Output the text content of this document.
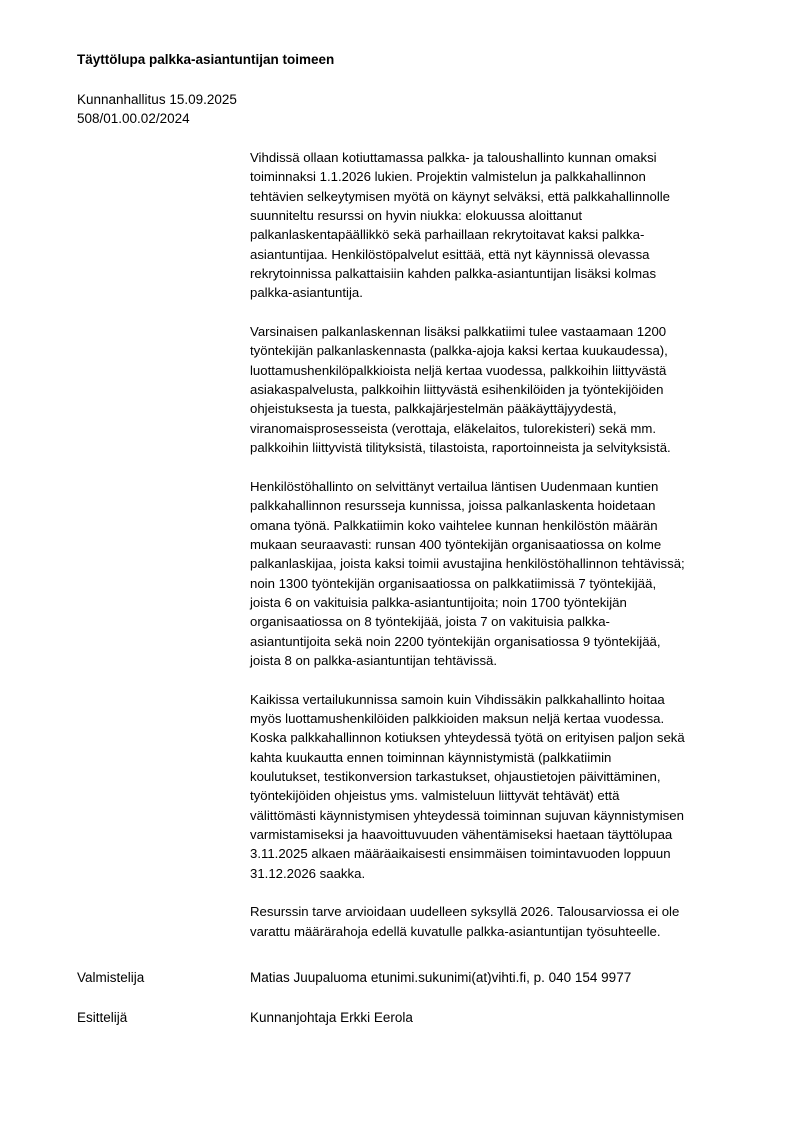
Täyttölupa palkka-asiantuntijan toimeen
Kunnanhallitus 15.09.2025
508/01.00.02/2024
Vihdissä ollaan kotiuttamassa palkka- ja taloushallinto kunnan omaksi
toiminnaksi 1.1.2026 lukien. Projektin valmistelun ja palkkahallinnon
tehtävien selkeytymisen myötä on käynyt selväksi, että palkkahallinnolle
suunniteltu resurssi on hyvin niukka: elokuussa aloittanut
palkanlaskentapäällikkö sekä parhaillaan rekrytoitavat kaksi palkka-
asiantuntijaa. Henkilöstöpalvelut esittää, että nyt käynnissä olevassa
rekrytoinnissa palkattaisiin kahden palkka-asiantuntijan lisäksi kolmas
palkka-asiantuntija.
Varsinaisen palkanlaskennan lisäksi palkkatiimi tulee vastaamaan 1200
työntekijän palkanlaskennasta (palkka-ajoja kaksi kertaa kuukaudessa),
luottamushenkilöpalkkioista neljä kertaa vuodessa, palkkoihin liittyvästä
asiakaspalvelusta, palkkoihin liittyvästä esihenkilöiden ja työntekijöiden
ohjeistuksesta ja tuesta, palkkajärjestelmän pääkäyttäjyydestä,
viranomaisprosesseista (verottaja, eläkelaitos, tulorekisteri) sekä mm.
palkkoihin liittyvistä tilityksistä, tilastoista, raportoinneista ja selvityksistä.
Henkilöstöhallinto on selvittänyt vertailua läntisen Uudenmaan kuntien
palkkahallinnon resursseja kunnissa, joissa palkanlaskenta hoidetaan
omana työnä. Palkkatiimin koko vaihtelee kunnan henkilöstön määrän
mukaan seuraavasti: runsan 400 työntekijän organisaatiossa on kolme
palkanlaskijaa, joista kaksi toimii avustajina henkilöstöhallinnon tehtävissä;
noin 1300 työntekijän organisaatiossa on palkkatiimissä 7 työntekijää,
joista 6 on vakituisia palkka-asiantuntijoita; noin 1700 työntekijän
organisaatiossa on 8 työntekijää, joista 7 on vakituisia palkka-
asiantuntijoita sekä noin 2200 työntekijän organisatiossa 9 työntekijää,
joista 8 on palkka-asiantuntijan tehtävissä.
Kaikissa vertailukunnissa samoin kuin Vihdissäkin palkkahallinto hoitaa
myös luottamushenkilöiden palkkioiden maksun neljä kertaa vuodessa.
Koska palkkahallinnon kotiuksen yhteydessä työtä on erityisen paljon sekä
kahta kuukautta ennen toiminnan käynnistymistä (palkkatiimin
koulutukset, testikonversion tarkastukset, ohjaustietojen päivittäminen,
työntekijöiden ohjeistus yms. valmisteluun liittyvät tehtävät) että
välittömästi käynnistymisen yhteydessä toiminnan sujuvan käynnistymisen
varmistamiseksi ja haavoittuvuuden vähentämiseksi haetaan täyttölupaa
3.11.2025 alkaen määräaikaisesti ensimmäisen toimintavuoden loppuun
31.12.2026 saakka.
Resurssin tarve arvioidaan uudelleen syksyllä 2026. Talousarviossa ei ole
varattu määrärahoja edellä kuvatulle palkka-asiantuntijan työsuhteelle.
Valmistelija	Matias Juupaluoma etunimi.sukunimi(at)vihti.fi, p. 040 154 9977
Esittelijä	Kunnanjohtaja Erkki Eerola
